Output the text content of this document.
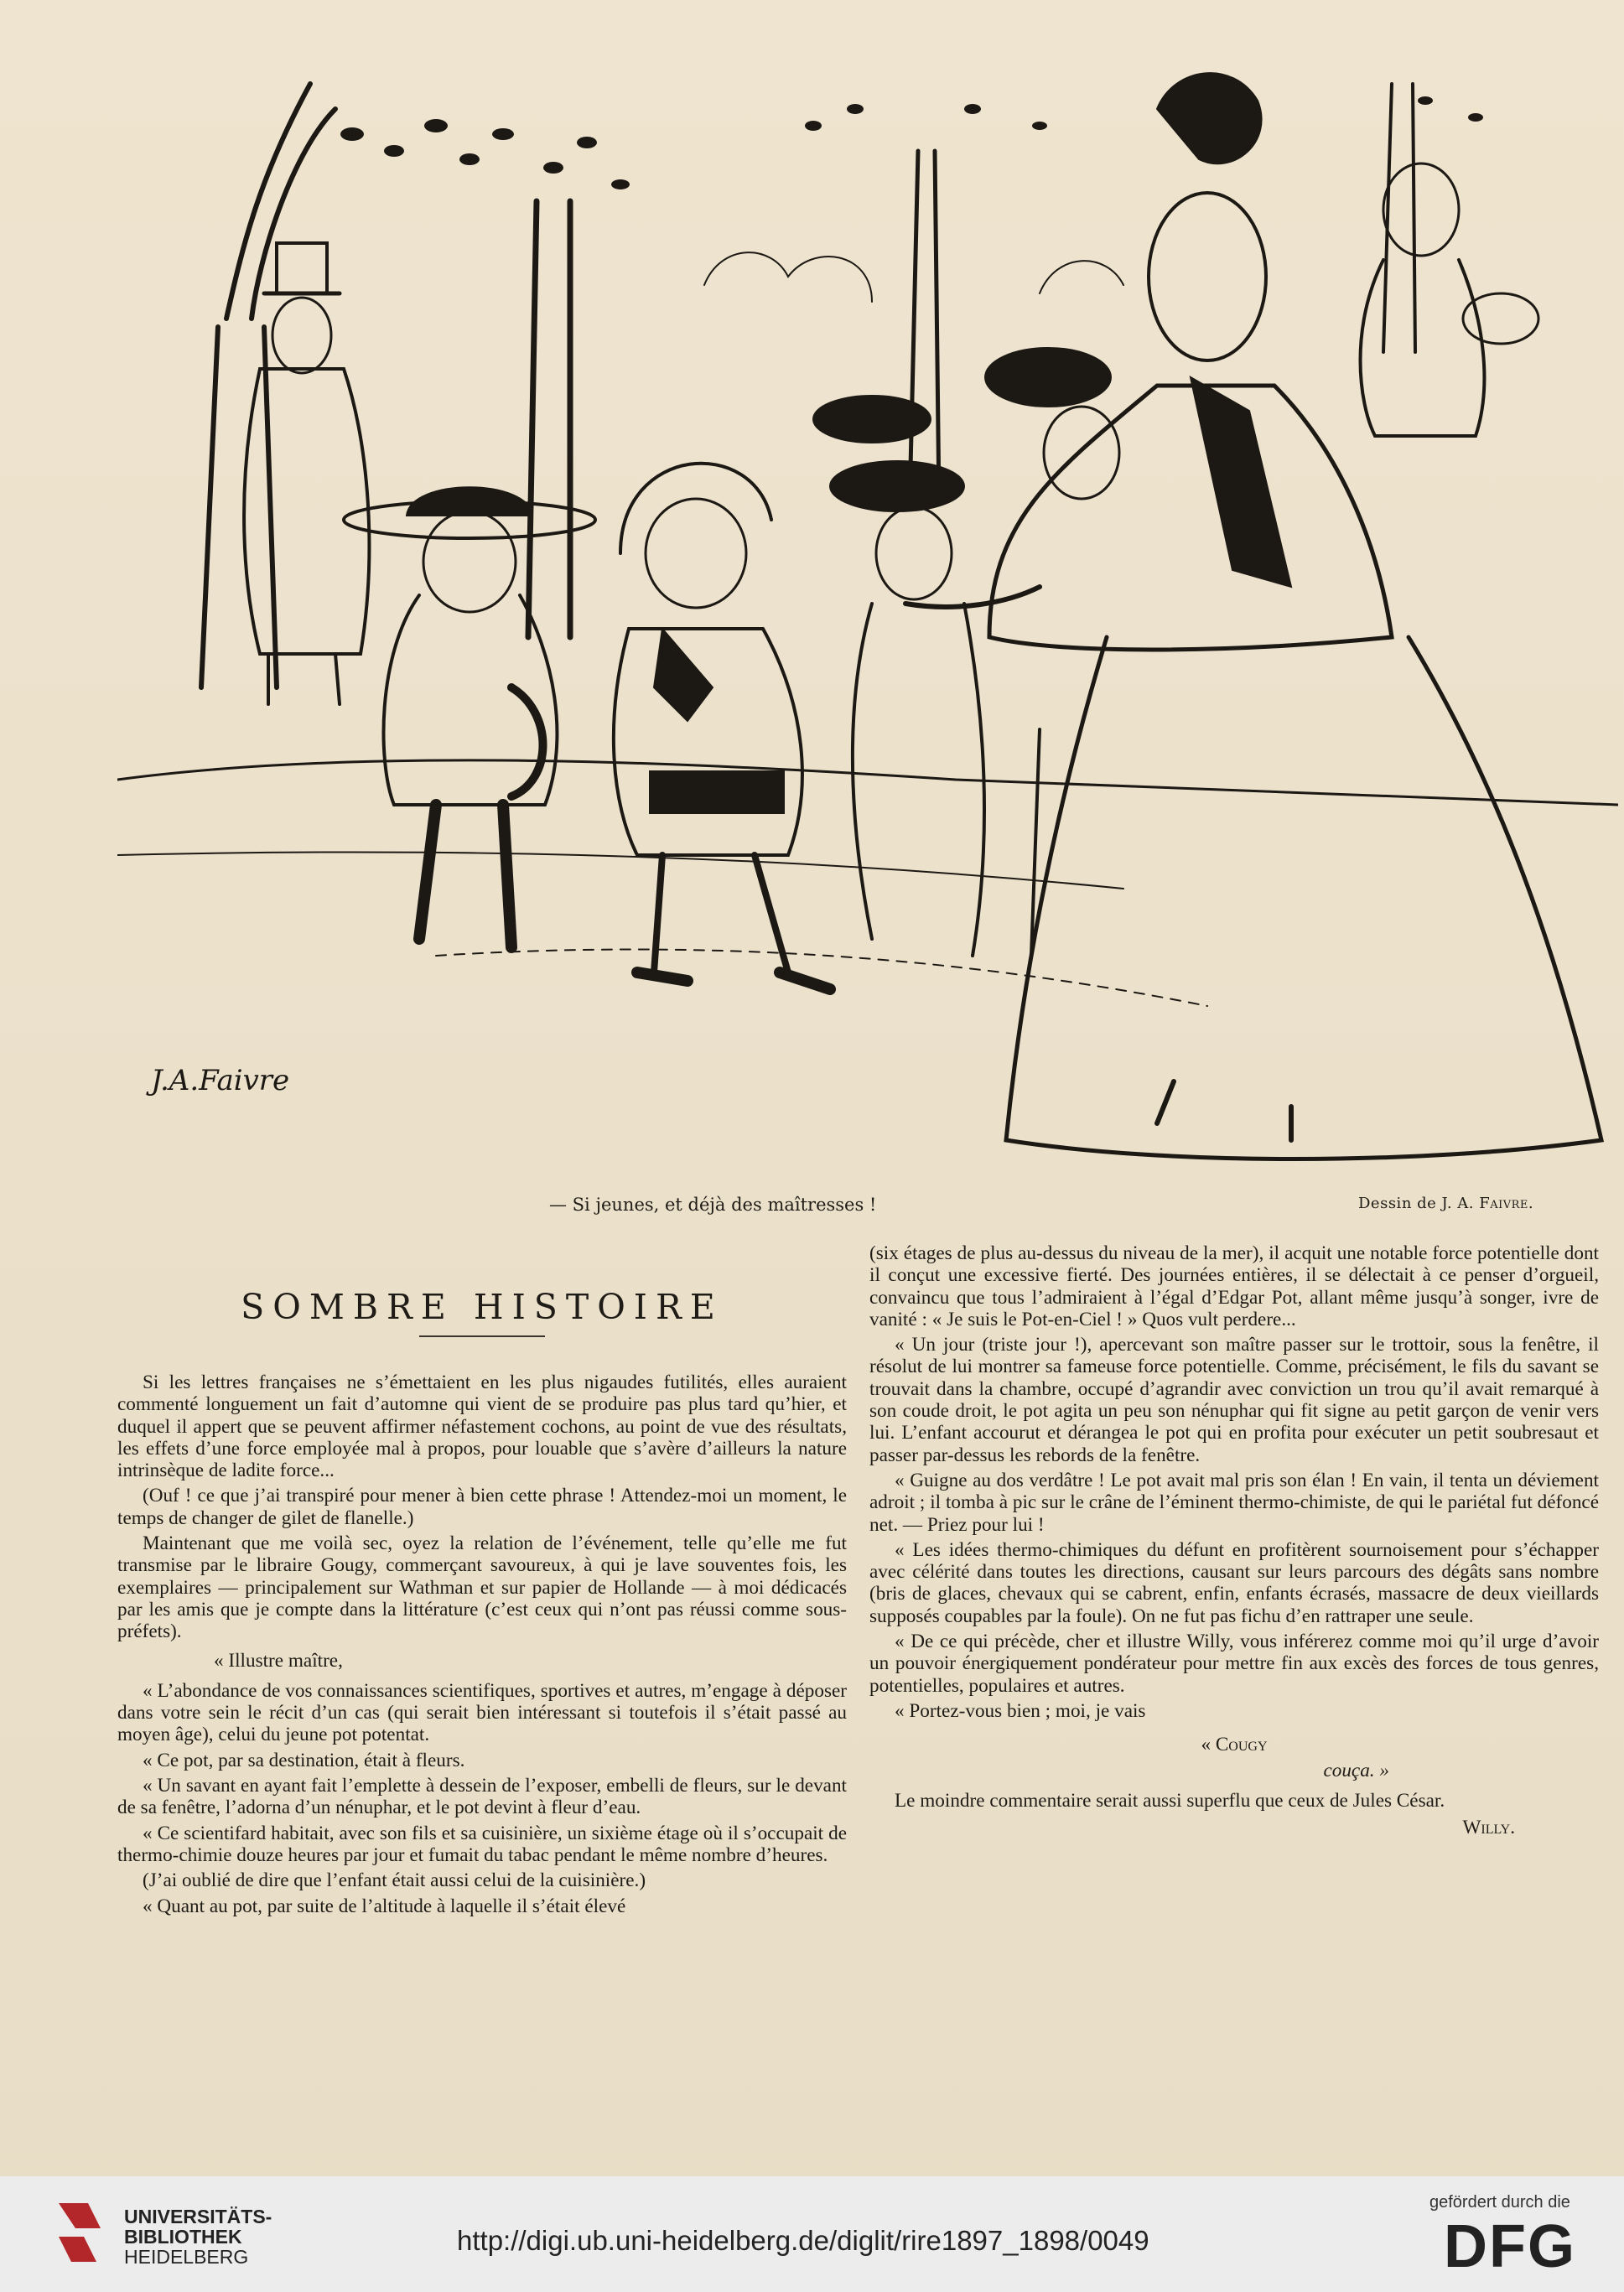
J.A.Faivre
— Si jeunes, et déjà des maîtresses !	Dessin de J. A. Faivre.
SOMBRE HISTOIRE

Si les lettres françaises ne s’émettaient en les plus nigaudes futilités, elles auraient commenté longuement un fait d’automne qui vient de se produire pas plus tard qu’hier, et duquel il appert que se peuvent affirmer néfastement cochons, au point de vue des résultats, les effets d’une force employée mal à propos, pour louable que s’avère d’ailleurs la nature intrinsèque de ladite force...

(Ouf ! ce que j’ai transpiré pour mener à bien cette phrase ! Attendez-moi un moment, le temps de changer de gilet de flanelle.)

Maintenant que me voilà sec, oyez la relation de l’événement, telle qu’elle me fut transmise par le libraire Gougy, commerçant savoureux, à qui je lave souventes fois, les exemplaires — principalement sur Wathman et sur papier de Hollande — à moi dédicacés par les amis que je compte dans la littérature (c’est ceux qui n’ont pas réussi comme sous-préfets).

« Illustre maître,

« L’abondance de vos connaissances scientifiques, sportives et autres, m’engage à déposer dans votre sein le récit d’un cas (qui serait bien intéressant si toutefois il s’était passé au moyen âge), celui du jeune pot potentat.

« Ce pot, par sa destination, était à fleurs.

« Un savant en ayant fait l’emplette à dessein de l’exposer, embelli de fleurs, sur le devant de sa fenêtre, l’adorna d’un nénuphar, et le pot devint à fleur d’eau.

« Ce scientifard habitait, avec son fils et sa cuisinière, un sixième étage où il s’occupait de thermo-chimie douze heures par jour et fumait du tabac pendant le même nombre d’heures.

(J’ai oublié de dire que l’enfant était aussi celui de la cuisinière.)

« Quant au pot, par suite de l’altitude à laquelle il s’était élevé

(six étages de plus au-dessus du niveau de la mer), il acquit une notable force potentielle dont il conçut une excessive fierté. Des journées entières, il se délectait à ce penser d’orgueil, convaincu que tous l’admiraient à l’égal d’Edgar Pot, allant même jusqu’à songer, ivre de vanité : « Je suis le Pot-en-Ciel ! » Quos vult perdere...

« Un jour (triste jour !), apercevant son maître passer sur le trottoir, sous la fenêtre, il résolut de lui montrer sa fameuse force potentielle. Comme, précisément, le fils du savant se trouvait dans la chambre, occupé d’agrandir avec conviction un trou qu’il avait remarqué à son coude droit, le pot agita un peu son nénuphar qui fit signe au petit garçon de venir vers lui. L’enfant accourut et dérangea le pot qui en profita pour exécuter un petit soubresaut et passer par-dessus les rebords de la fenêtre.

« Guigne au dos verdâtre ! Le pot avait mal pris son élan ! En vain, il tenta un déviement adroit ; il tomba à pic sur le crâne de l’éminent thermo-chimiste, de qui le pariétal fut défoncé net. — Priez pour lui !

« Les idées thermo-chimiques du défunt en profitèrent sournoisement pour s’échapper avec célérité dans toutes les directions, causant sur leurs parcours des dégâts sans nombre (bris de glaces, chevaux qui se cabrent, enfin, enfants écrasés, massacre de deux vieillards supposés coupables par la foule). On ne fut pas fichu d’en rattraper une seule.

« De ce qui précède, cher et illustre Willy, vous inférerez comme moi qu’il urge d’avoir un pouvoir énergiquement pondérateur pour mettre fin aux excès des forces de tous genres, potentielles, populaires et autres.

« Portez-vous bien ; moi, je vais

« Cougy

couça. »

Le moindre commentaire serait aussi superflu que ceux de Jules César.

Willy.

UNIVERSITÄTS-
BIBLIOTHEK
HEIDELBERG
http://digi.ub.uni-heidelberg.de/diglit/rire1897_1898/0049
gefördert durch die
DFG
